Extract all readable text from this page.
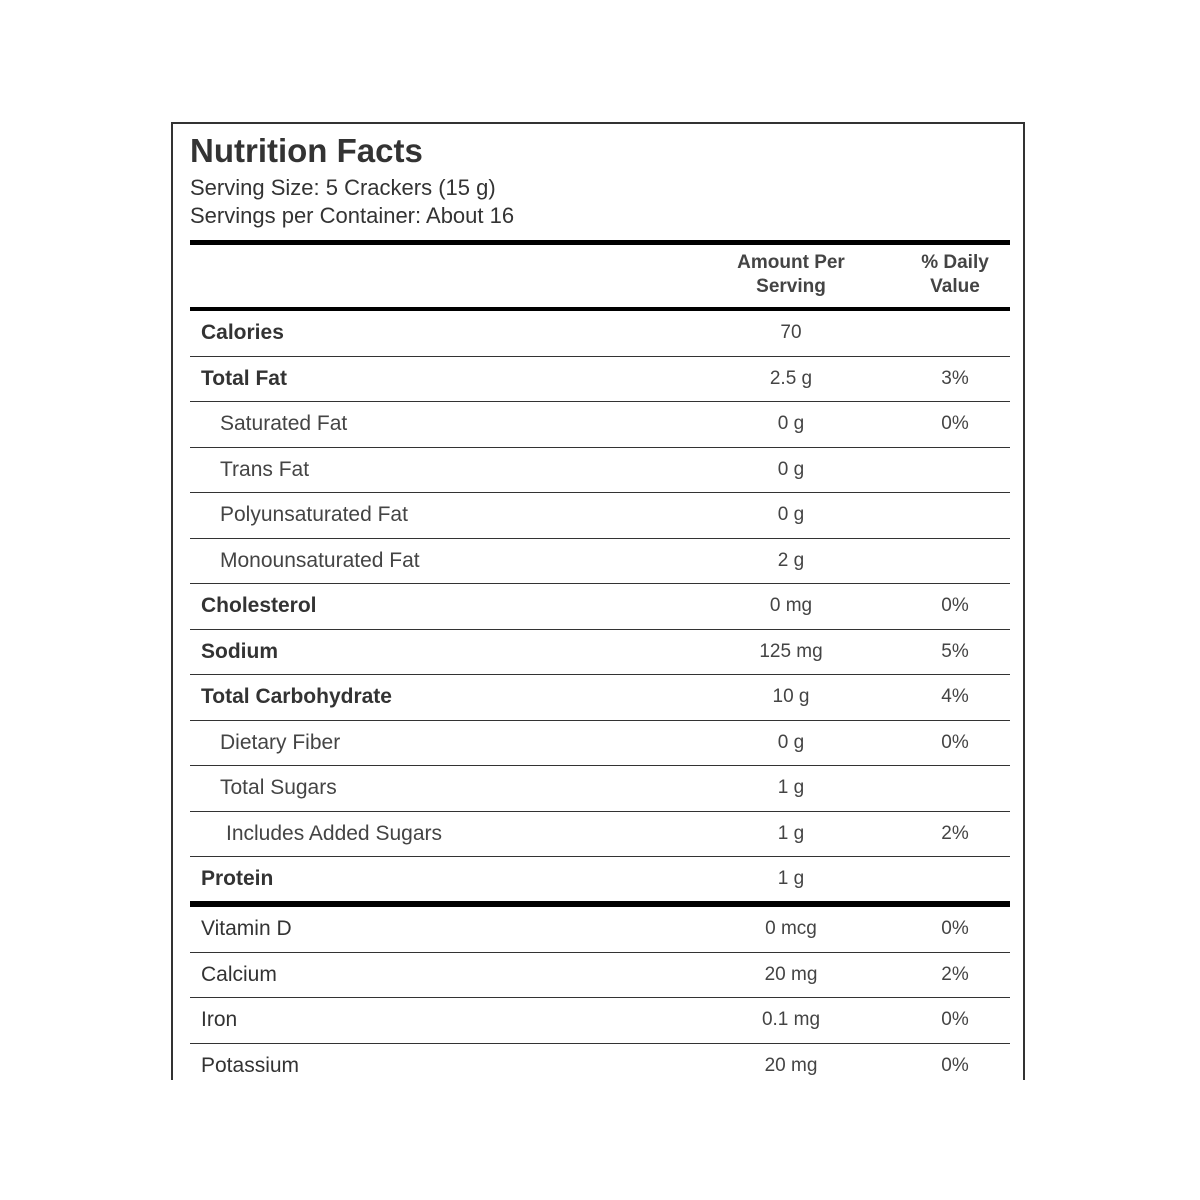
Nutrition Facts
Serving Size: 5 Crackers (15 g)
Servings per Container: About 16
Amount Per
Serving
% Daily
Value
Calories	70
Total Fat	2.5 g	3%
Saturated Fat	0 g	0%
Trans Fat	0 g
Polyunsaturated Fat	0 g
Monounsaturated Fat	2 g
Cholesterol	0 mg	0%
Sodium	125 mg	5%
Total Carbohydrate	10 g	4%
Dietary Fiber	0 g	0%
Total Sugars	1 g
Includes Added Sugars	1 g	2%
Protein	1 g
Vitamin D	0 mcg	0%
Calcium	20 mg	2%
Iron	0.1 mg	0%
Potassium	20 mg	0%
